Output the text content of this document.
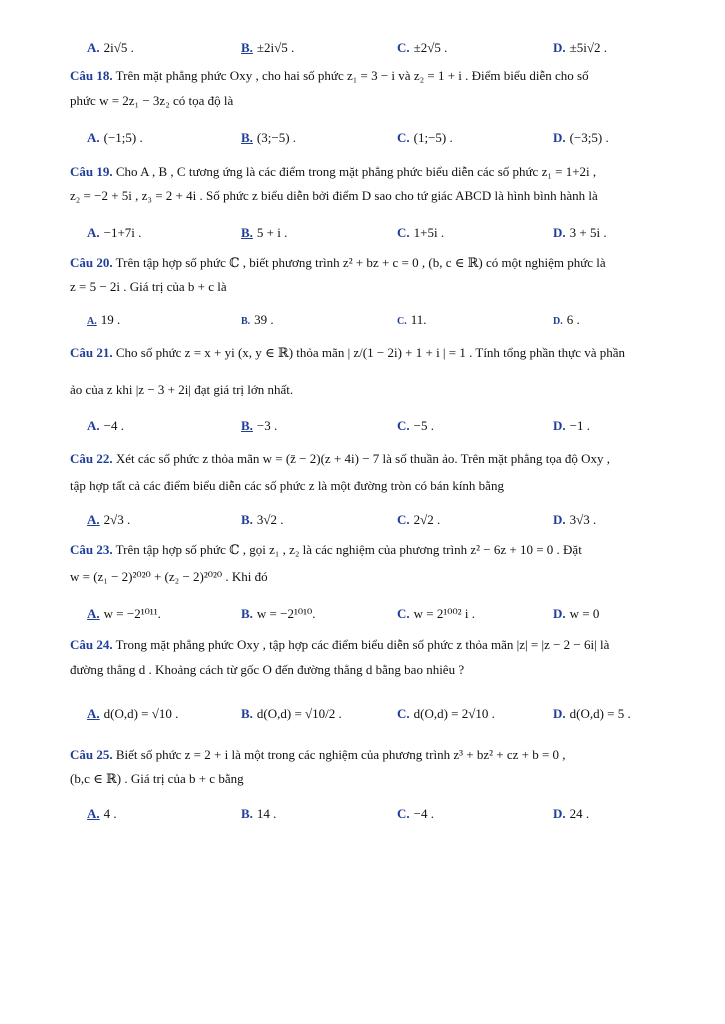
A. 2i√5 .	B. ±2i√5 .	C. ±2√5 .	D. ±5i√2 .
Câu 18. Trên mặt phẳng phức Oxy , cho hai số phức z₁ = 3 − i và z₂ = 1 + i . Điểm biểu diễn cho số
phức w = 2z₁ − 3z₂ có tọa độ là
A. (−1;5) .	B. (3;−5) .	C. (1;−5) .	D. (−3;5) .
Câu 19. Cho A , B , C tương ứng là các điểm trong mặt phẳng phức biểu diễn các số phức z₁ = 1+2i ,
z₂ = −2 + 5i , z₃ = 2 + 4i . Số phức z biểu diễn bởi điểm D sao cho tứ giác ABCD là hình bình hành là
A. −1+7i .	B. 5 + i .	C. 1+5i .	D. 3 + 5i .
Câu 20. Trên tập hợp số phức ℂ , biết phương trình z² + bz + c = 0 , (b, c ∈ ℝ) có một nghiệm phức là
z = 5 − 2i . Giá trị của b + c là
A. 19 .	B. 39 .	C. 11.	D. 6 .
Câu 21. Cho số phức z = x + yi (x, y ∈ ℝ) thỏa mãn | z/(1 − 2i) + 1 + i | = 1 . Tính tổng phần thực và phần
ảo của z khi |z − 3 + 2i| đạt giá trị lớn nhất.
A. −4 .	B. −3 .	C. −5 .	D. −1 .
Câu 22. Xét các số phức z thỏa mãn w = (z̄ − 2)(z + 4i) − 7 là số thuần ảo. Trên mặt phẳng tọa độ Oxy ,
tập hợp tất cả các điểm biểu diễn các số phức z là một đường tròn có bán kính bằng
A. 2√3 .	B. 3√2 .	C. 2√2 .	D. 3√3 .
Câu 23. Trên tập hợp số phức ℂ , gọi z₁ , z₂ là các nghiệm của phương trình z² − 6z + 10 = 0 . Đặt
w = (z₁ − 2)²⁰²⁰ + (z₂ − 2)²⁰²⁰ . Khi đó
A. w = −2¹⁰¹¹.	B. w = −2¹⁰¹⁰.	C. w = 2¹⁰⁰² i .	D. w = 0
Câu 24. Trong mặt phẳng phức Oxy , tập hợp các điểm biểu diễn số phức z thỏa mãn |z| = |z − 2 − 6i| là
đường thẳng d . Khoảng cách từ gốc O đến đường thẳng d bằng bao nhiêu ?
A. d(O,d) = √10 .	B. d(O,d) = √10/2 .	C. d(O,d) = 2√10 .	D. d(O,d) = 5 .
Câu 25. Biết số phức z = 2 + i là một trong các nghiệm của phương trình z³ + bz² + cz + b = 0 ,
(b,c ∈ ℝ) . Giá trị của b + c bằng
A. 4 .	B. 14 .	C. −4 .	D. 24 .
